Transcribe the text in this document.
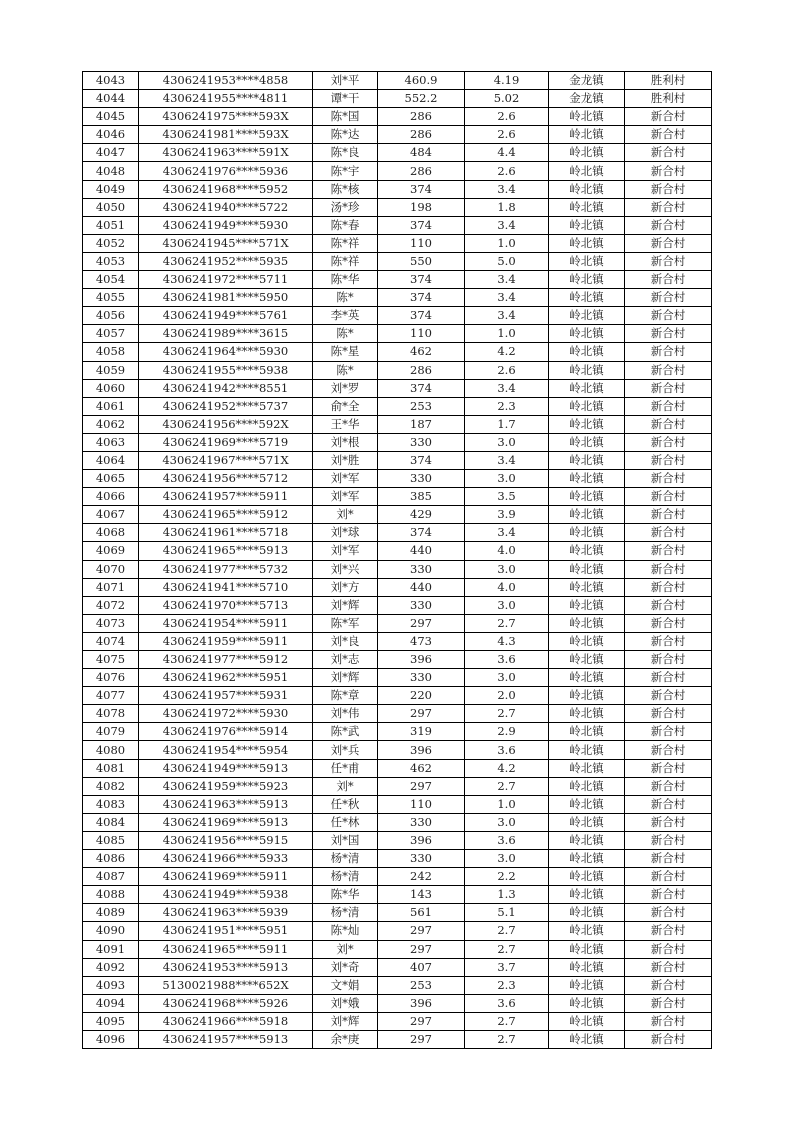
4043	4306241953****4858	刘*平	460.9	4.19	金龙镇	胜利村
4044	4306241955****4811	谭*干	552.2	5.02	金龙镇	胜利村
4045	4306241975****593X	陈*国	286	2.6	岭北镇	新合村
4046	4306241981****593X	陈*达	286	2.6	岭北镇	新合村
4047	4306241963****591X	陈*良	484	4.4	岭北镇	新合村
4048	4306241976****5936	陈*宇	286	2.6	岭北镇	新合村
4049	4306241968****5952	陈*核	374	3.4	岭北镇	新合村
4050	4306241940****5722	汤*珍	198	1.8	岭北镇	新合村
4051	4306241949****5930	陈*春	374	3.4	岭北镇	新合村
4052	4306241945****571X	陈*祥	110	1.0	岭北镇	新合村
4053	4306241952****5935	陈*祥	550	5.0	岭北镇	新合村
4054	4306241972****5711	陈*华	374	3.4	岭北镇	新合村
4055	4306241981****5950	陈*	374	3.4	岭北镇	新合村
4056	4306241949****5761	李*英	374	3.4	岭北镇	新合村
4057	4306241989****3615	陈*	110	1.0	岭北镇	新合村
4058	4306241964****5930	陈*星	462	4.2	岭北镇	新合村
4059	4306241955****5938	陈*	286	2.6	岭北镇	新合村
4060	4306241942****8551	刘*罗	374	3.4	岭北镇	新合村
4061	4306241952****5737	俞*全	253	2.3	岭北镇	新合村
4062	4306241956****592X	王*华	187	1.7	岭北镇	新合村
4063	4306241969****5719	刘*根	330	3.0	岭北镇	新合村
4064	4306241967****571X	刘*胜	374	3.4	岭北镇	新合村
4065	4306241956****5712	刘*军	330	3.0	岭北镇	新合村
4066	4306241957****5911	刘*军	385	3.5	岭北镇	新合村
4067	4306241965****5912	刘*	429	3.9	岭北镇	新合村
4068	4306241961****5718	刘*球	374	3.4	岭北镇	新合村
4069	4306241965****5913	刘*军	440	4.0	岭北镇	新合村
4070	4306241977****5732	刘*兴	330	3.0	岭北镇	新合村
4071	4306241941****5710	刘*方	440	4.0	岭北镇	新合村
4072	4306241970****5713	刘*辉	330	3.0	岭北镇	新合村
4073	4306241954****5911	陈*军	297	2.7	岭北镇	新合村
4074	4306241959****5911	刘*良	473	4.3	岭北镇	新合村
4075	4306241977****5912	刘*志	396	3.6	岭北镇	新合村
4076	4306241962****5951	刘*辉	330	3.0	岭北镇	新合村
4077	4306241957****5931	陈*章	220	2.0	岭北镇	新合村
4078	4306241972****5930	刘*伟	297	2.7	岭北镇	新合村
4079	4306241976****5914	陈*武	319	2.9	岭北镇	新合村
4080	4306241954****5954	刘*兵	396	3.6	岭北镇	新合村
4081	4306241949****5913	任*甫	462	4.2	岭北镇	新合村
4082	4306241959****5923	刘*	297	2.7	岭北镇	新合村
4083	4306241963****5913	任*秋	110	1.0	岭北镇	新合村
4084	4306241969****5913	任*林	330	3.0	岭北镇	新合村
4085	4306241956****5915	刘*国	396	3.6	岭北镇	新合村
4086	4306241966****5933	杨*清	330	3.0	岭北镇	新合村
4087	4306241969****5911	杨*清	242	2.2	岭北镇	新合村
4088	4306241949****5938	陈*华	143	1.3	岭北镇	新合村
4089	4306241963****5939	杨*清	561	5.1	岭北镇	新合村
4090	4306241951****5951	陈*灿	297	2.7	岭北镇	新合村
4091	4306241965****5911	刘*	297	2.7	岭北镇	新合村
4092	4306241953****5913	刘*奇	407	3.7	岭北镇	新合村
4093	5130021988****652X	文*娟	253	2.3	岭北镇	新合村
4094	4306241968****5926	刘*娥	396	3.6	岭北镇	新合村
4095	4306241966****5918	刘*辉	297	2.7	岭北镇	新合村
4096	4306241957****5913	余*庚	297	2.7	岭北镇	新合村
